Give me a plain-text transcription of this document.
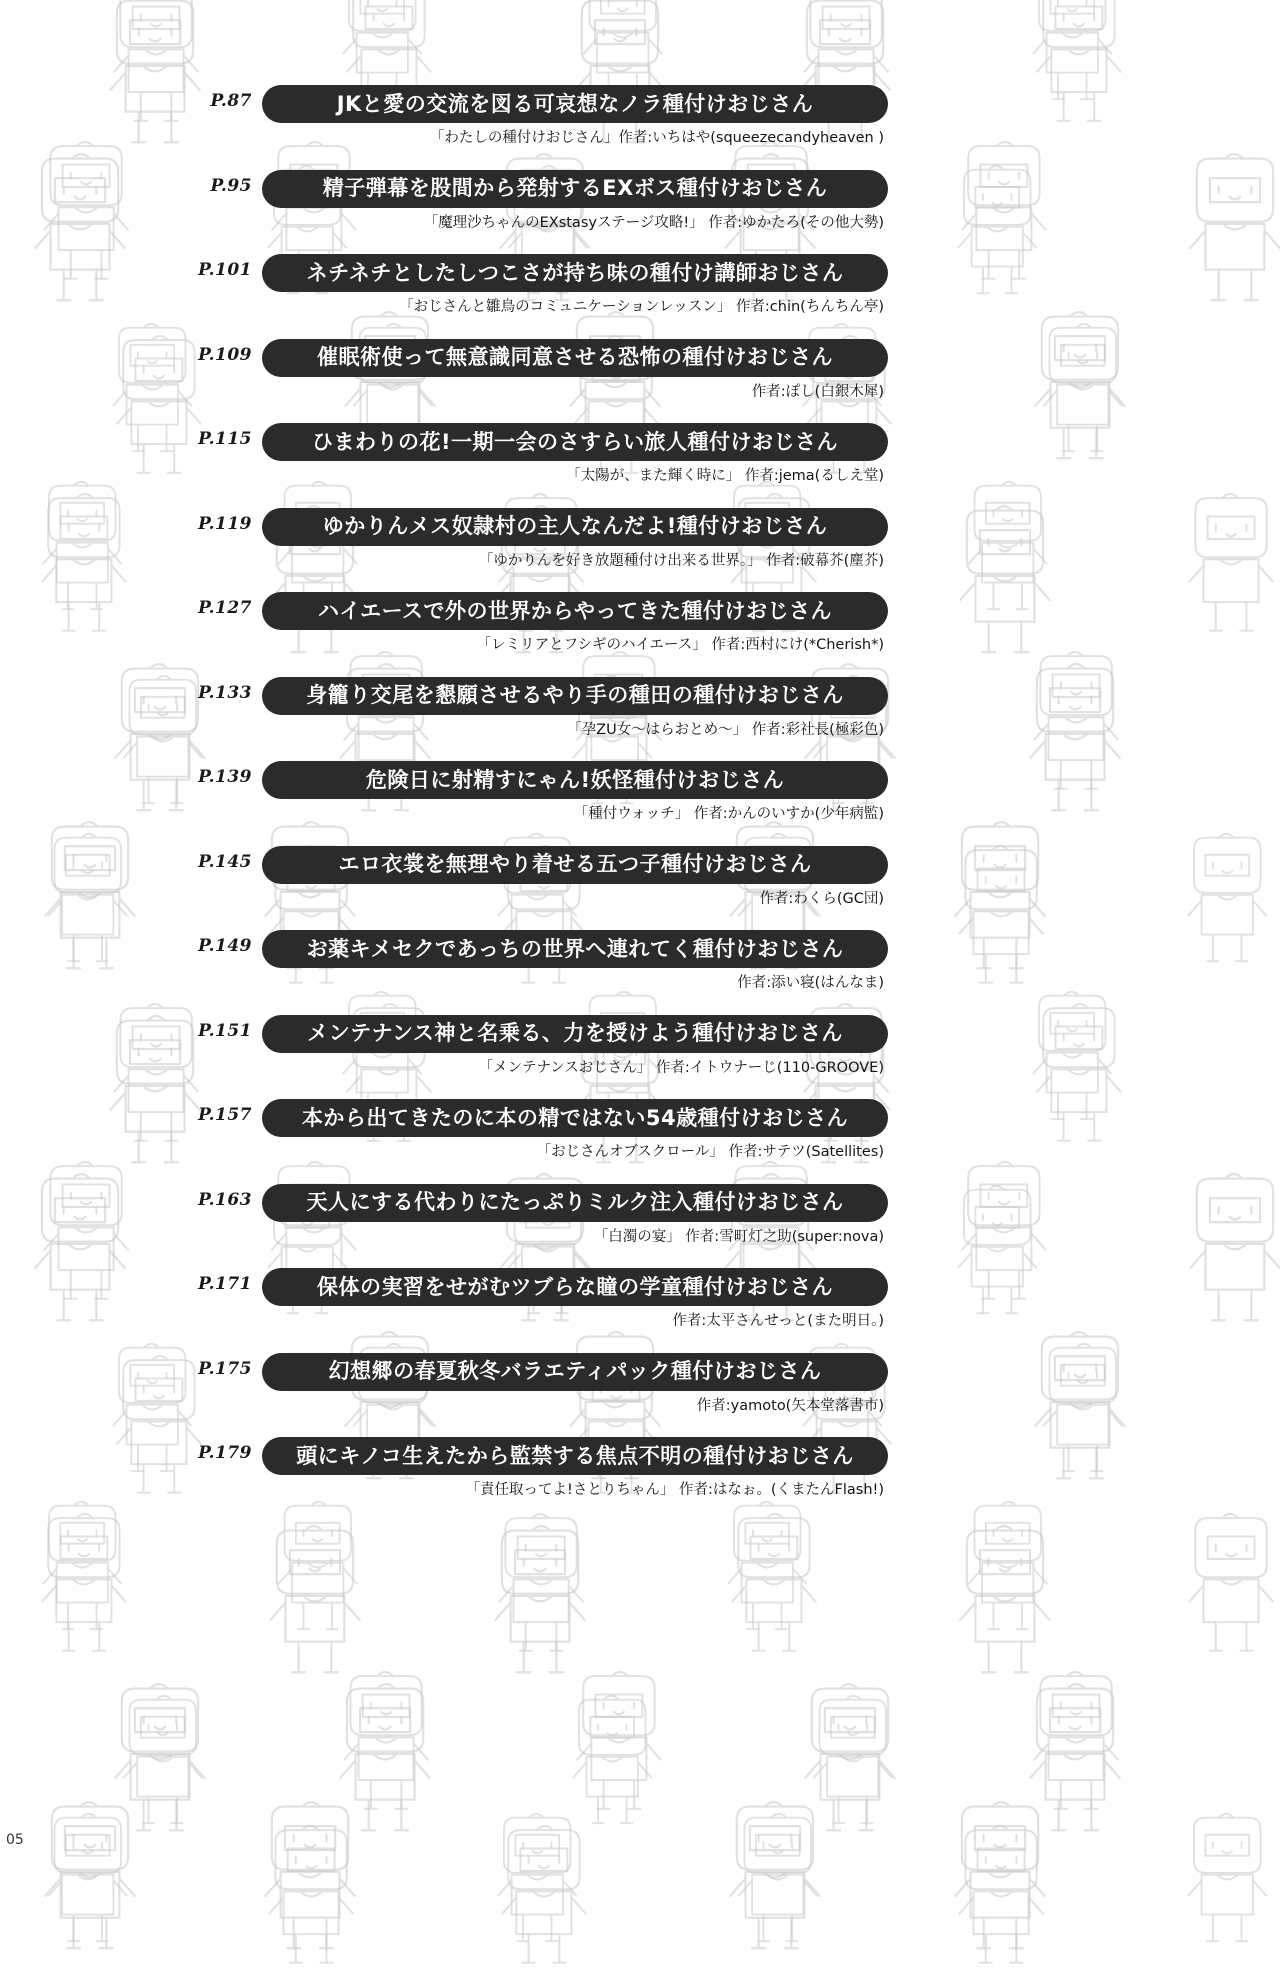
P.87	JKと愛の交流を図る可哀想なノラ種付けおじさん
「わたしの種付けおじさん」作者:いちはや(squeezecandyheaven )
P.95	精子弾幕を股間から発射するEXボス種付けおじさん
「魔理沙ちゃんのEXstasyステージ攻略!」 作者:ゆかたろ(その他大勢)
P.101	ネチネチとしたしつこさが持ち味の種付け講師おじさん
「おじさんと雛鳥のコミュニケーションレッスン」 作者:chin(ちんちん亭)
P.109	催眠術使って無意識同意させる恐怖の種付けおじさん
作者:ぽし(白銀木犀)
P.115	ひまわりの花!一期一会のさすらい旅人種付けおじさん
「太陽が、また輝く時に」 作者:jema(るしえ堂)
P.119	ゆかりんメス奴隷村の主人なんだよ!種付けおじさん
「ゆかりんを好き放題種付け出来る世界。」 作者:破幕芥(塵芥)
P.127	ハイエースで外の世界からやってきた種付けおじさん
「レミリアとフシギのハイエース」 作者:西村にけ(*Cherish*)
P.133	身籠り交尾を懇願させるやり手の種田の種付けおじさん
「孕ZU女～はらおとめ～」 作者:彩社長(極彩色)
P.139	危険日に射精すにゃん!妖怪種付けおじさん
「種付ウォッチ」 作者:かんのいすか(少年病監)
P.145	エロ衣裳を無理やり着せる五つ子種付けおじさん
作者:わくら(GC団)
P.149	お薬キメセクであっちの世界へ連れてく種付けおじさん
作者:添い寝(はんなま)
P.151	メンテナンス神と名乗る、力を授けよう種付けおじさん
「メンテナンスおじさん」 作者:イトウナーじ(110-GROOVE)
P.157 本から出てきたのに本の精ではない54歳種付けおじさん
「おじさんオブスクロール」 作者:サテツ(Satellites)
P.163	天人にする代わりにたっぷりミルク注入種付けおじさん
「白濁の宴」 作者:雪町灯之助(super:nova)
P.171	保体の実習をせがむツブらな瞳の学童種付けおじさん
作者:太平さんせっと(また明日。)
P.175	幻想郷の春夏秋冬バラエティパック種付けおじさん
作者:yamoto(矢本堂落書市)
P.179 頭にキノコ生えたから監禁する焦点不明の種付けおじさん
「責任取ってよ!さとりちゃん」 作者:はなぉ。(くまたんFlash!)
05
